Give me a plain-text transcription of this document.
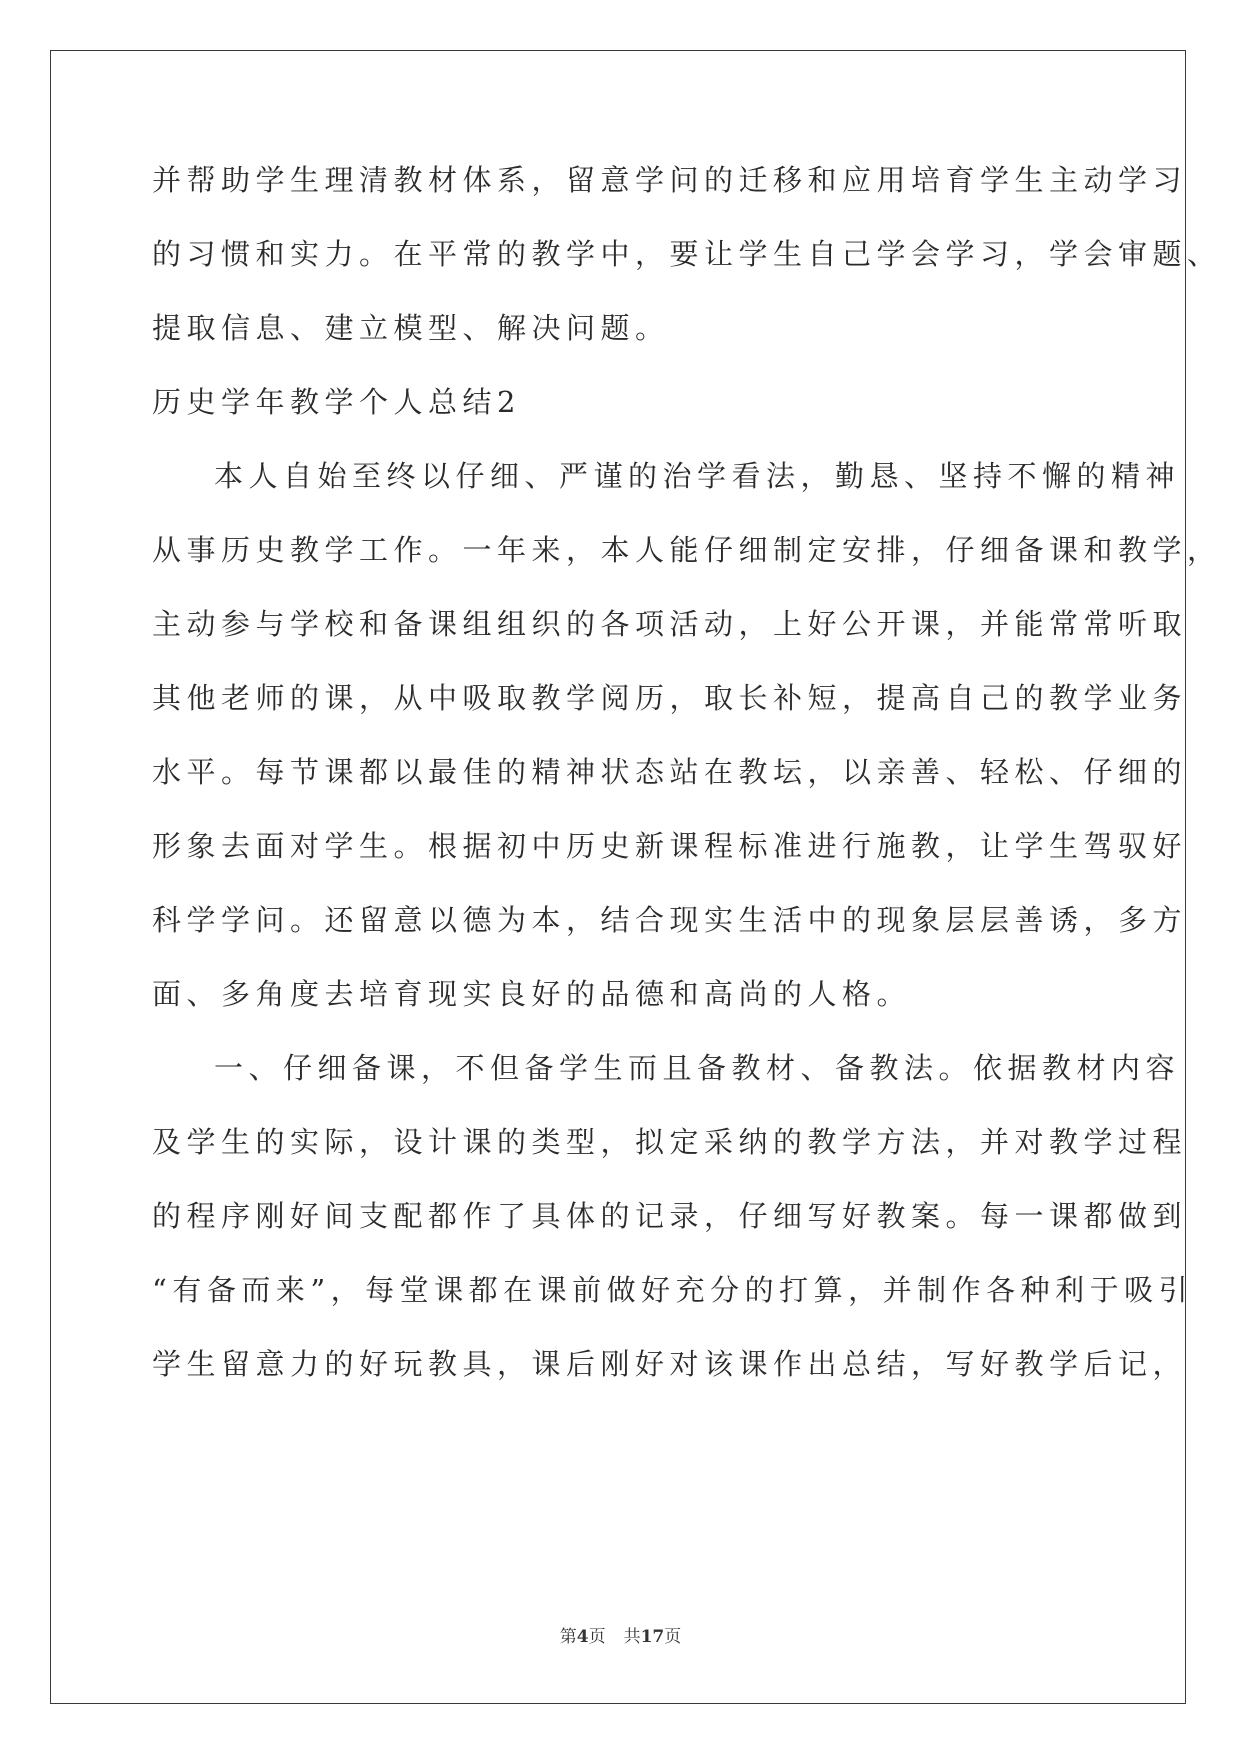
并帮助学生理清教材体系，留意学问的迁移和应用培育学生主动学习
的习惯和实力。在平常的教学中，要让学生自己学会学习，学会审题、
提取信息、建立模型、解决问题。
历史学年教学个人总结2
本人自始至终以仔细、严谨的治学看法，勤恳、坚持不懈的精神
从事历史教学工作。一年来，本人能仔细制定安排，仔细备课和教学，
主动参与学校和备课组组织的各项活动，上好公开课，并能常常听取
其他老师的课，从中吸取教学阅历，取长补短，提高自己的教学业务
水平。每节课都以最佳的精神状态站在教坛，以亲善、轻松、仔细的
形象去面对学生。根据初中历史新课程标准进行施教，让学生驾驭好
科学学问。还留意以德为本，结合现实生活中的现象层层善诱，多方
面、多角度去培育现实良好的品德和高尚的人格。
一、仔细备课，不但备学生而且备教材、备教法。依据教材内容
及学生的实际，设计课的类型，拟定采纳的教学方法，并对教学过程
的程序刚好间支配都作了具体的记录，仔细写好教案。每一课都做到
“有备而来”，每堂课都在课前做好充分的打算，并制作各种利于吸引
学生留意力的好玩教具，课后刚好对该课作出总结，写好教学后记，
第4页 共17页
